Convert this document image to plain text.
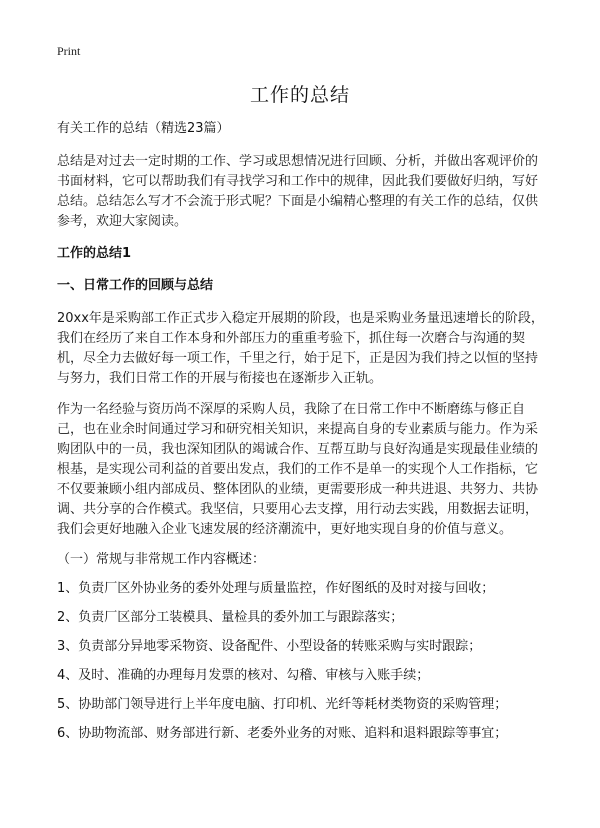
Print
工作的总结

有关工作的总结（精选23篇）

总结是对过去一定时期的工作、学习或思想情况进行回顾、分析，并做出客观评价的书面材料，它可以帮助我们有寻找学习和工作中的规律，因此我们要做好归纳，写好总结。总结怎么写才不会流于形式呢？下面是小编精心整理的有关工作的总结，仅供参考，欢迎大家阅读。

工作的总结1

一、日常工作的回顾与总结

20xx年是采购部工作正式步入稳定开展期的阶段，也是采购业务量迅速增长的阶段，我们在经历了来自工作本身和外部压力的重重考验下，抓住每一次磨合与沟通的契机，尽全力去做好每一项工作，千里之行，始于足下，正是因为我们持之以恒的坚持与努力，我们日常工作的开展与衔接也在逐渐步入正轨。

作为一名经验与资历尚不深厚的采购人员，我除了在日常工作中不断磨练与修正自己，也在业余时间通过学习和研究相关知识，来提高自身的专业素质与能力。作为采购团队中的一员，我也深知团队的竭诚合作、互帮互助与良好沟通是实现最佳业绩的根基，是实现公司利益的首要出发点，我们的工作不是单一的实现个人工作指标，它不仅要兼顾小组内部成员、整体团队的业绩，更需要形成一种共进退、共努力、共协调、共分享的合作模式。我坚信，只要用心去支撑，用行动去实践，用数据去证明，我们会更好地融入企业飞速发展的经济潮流中，更好地实现自身的价值与意义。

（一）常规与非常规工作内容概述：

1、负责厂区外协业务的委外处理与质量监控，作好图纸的及时对接与回收；

2、负责厂区部分工装模具、量检具的委外加工与跟踪落实；

3、负责部分异地零采物资、设备配件、小型设备的转账采购与实时跟踪；

4、及时、准确的办理每月发票的核对、勾稽、审核与入账手续；

5、协助部门领导进行上半年度电脑、打印机、光纤等耗材类物资的采购管理；

6、协助物流部、财务部进行新、老委外业务的对账、追料和退料跟踪等事宜；
